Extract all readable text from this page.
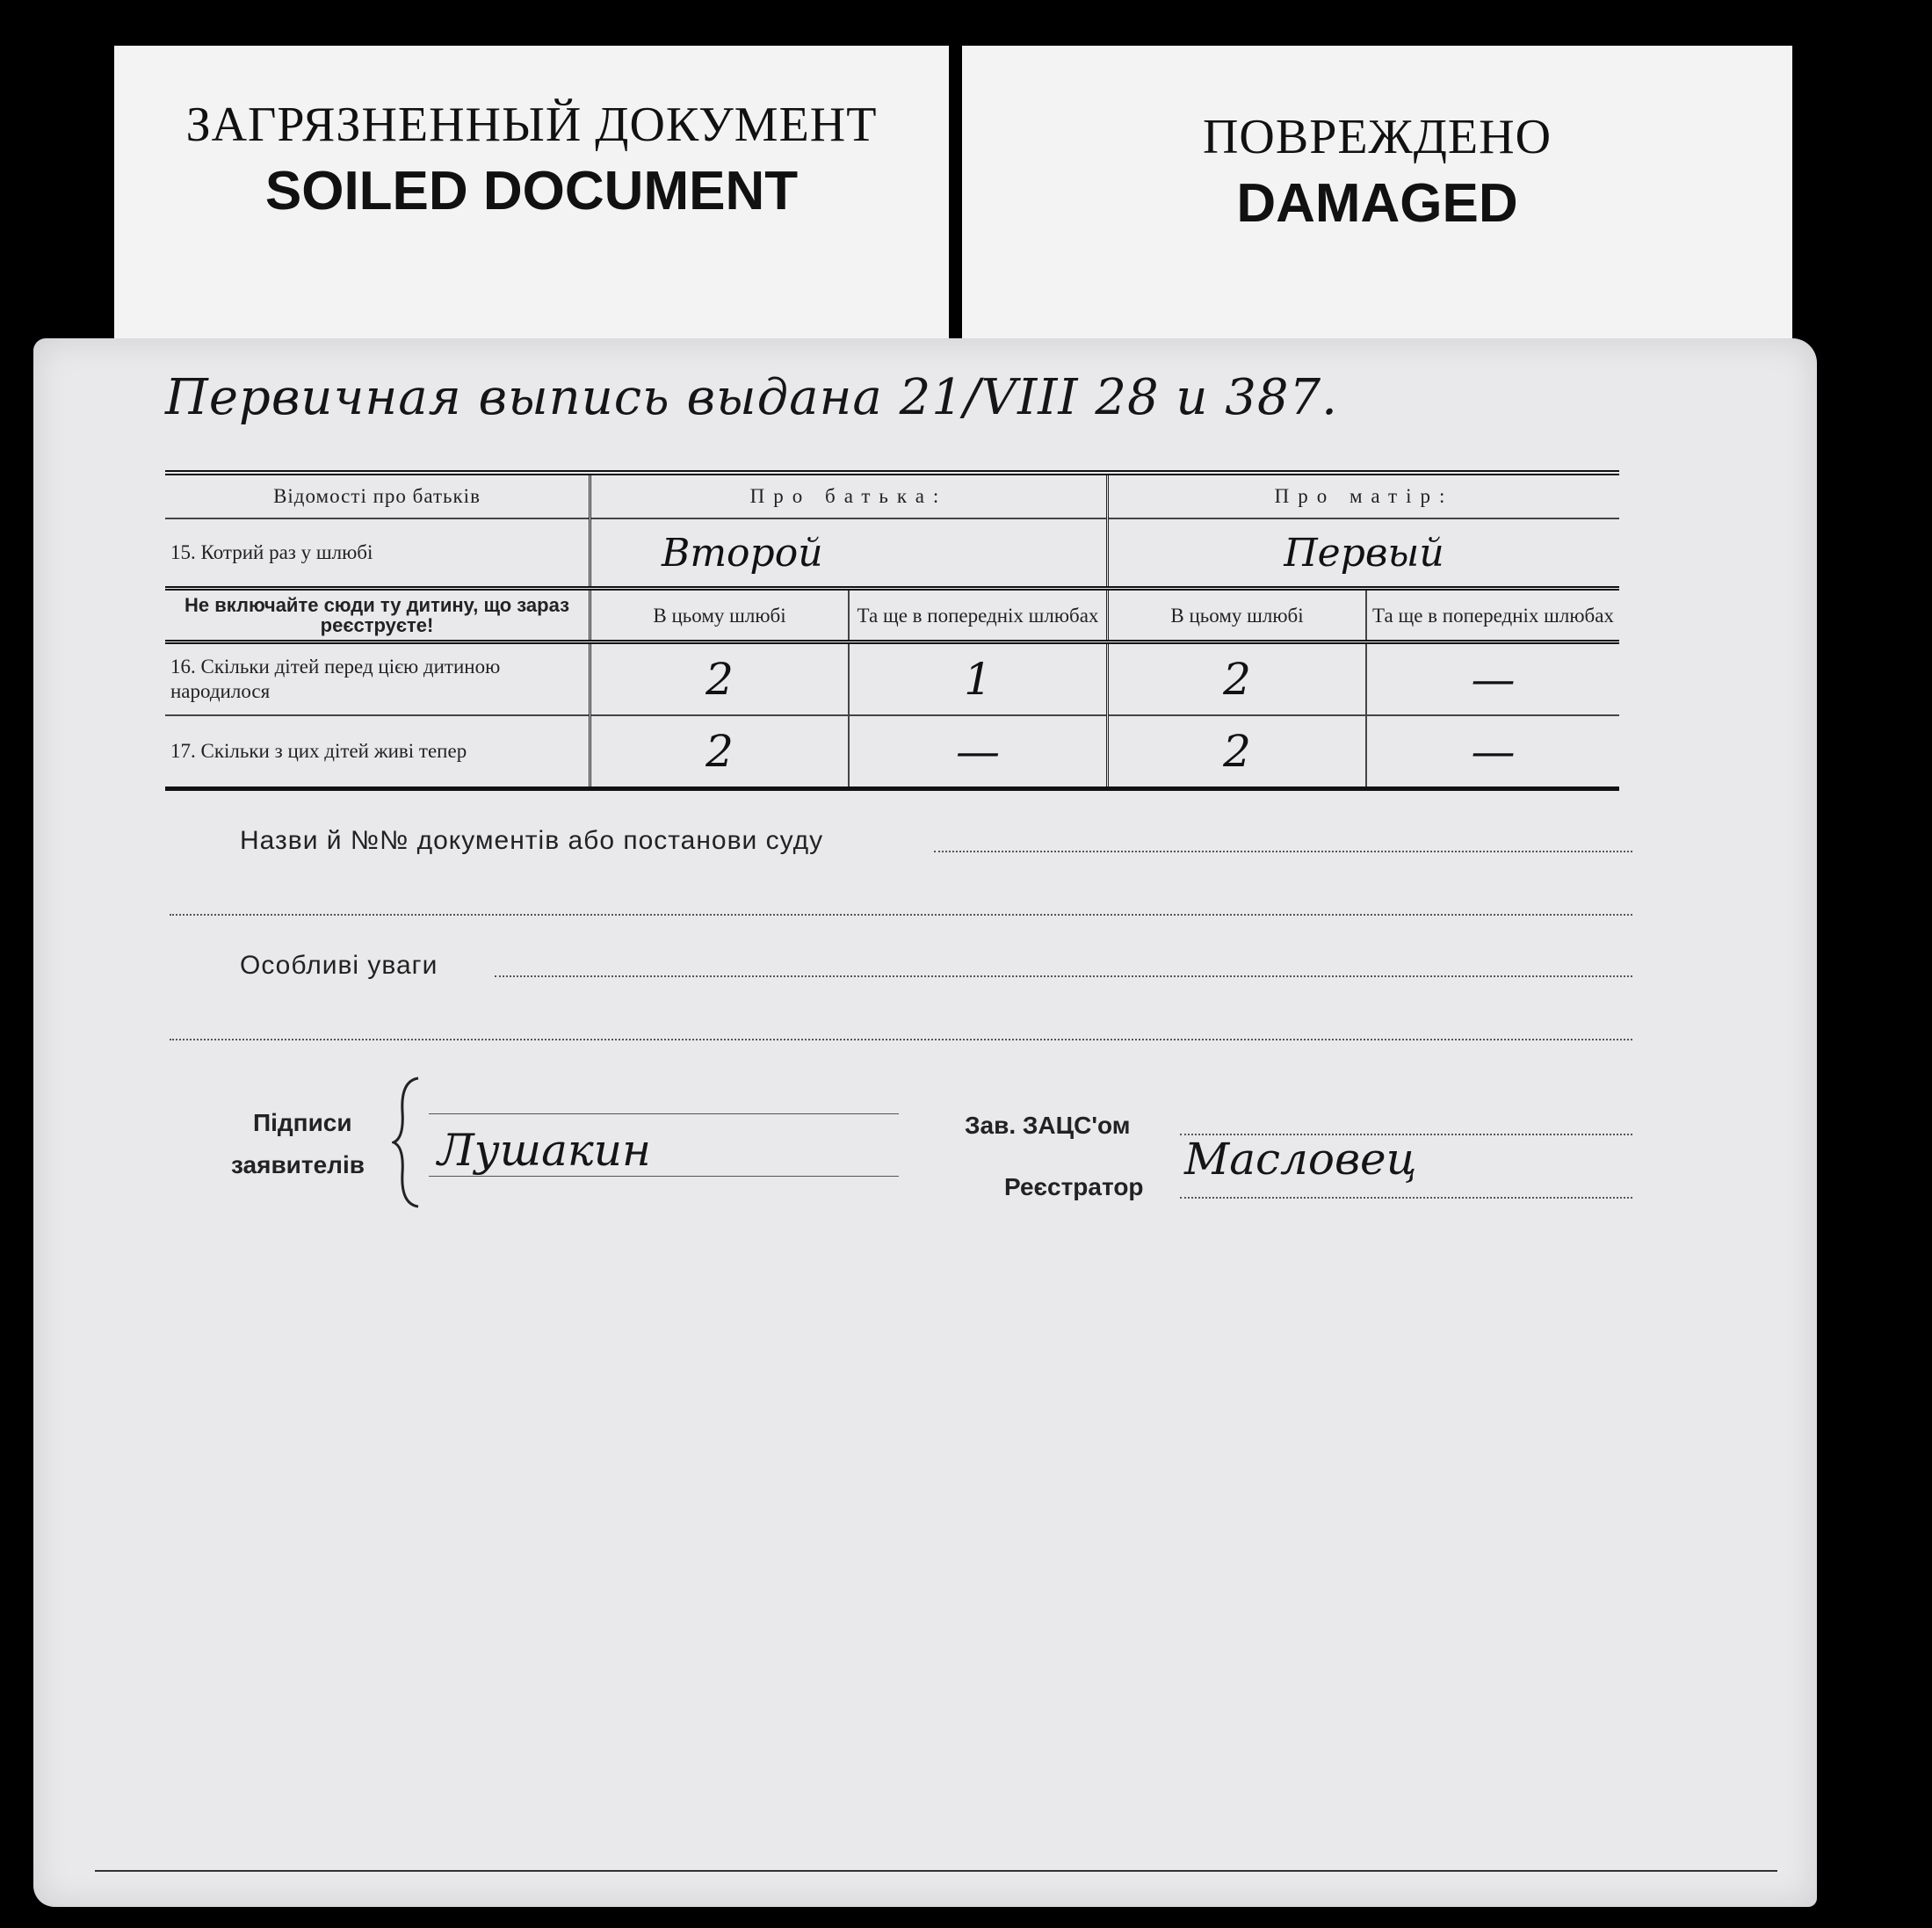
ЗАГРЯЗНЕННЫЙ ДОКУМЕНТ
SOILED DOCUMENT
ПОВРЕЖДЕНО
DAMAGED
Первичная выпись выдана 21/VIII 28 и 387.
Відомості про батьків	Про батька:		Про матір:	
15. Котрий раз у шлюбі	Второй		Первый	
Не включайте сюди ту дитину, що зараз реєструєте!	В цьому шлюбі	Та ще в попередніх шлюбах	В цьому шлюбі	Та ще в попередніх шлюбах
16. Скільки дітей перед цією дитиною народилося	2	1	2	—
17. Скільки з цих дітей живі тепер	2	—	2	—
Назви й №№ документів або постанови суду
Особливі уваги
Підписи
заявителів Лушакин	Зав. ЗАЦС'ом
Реєстратор
Масловец
